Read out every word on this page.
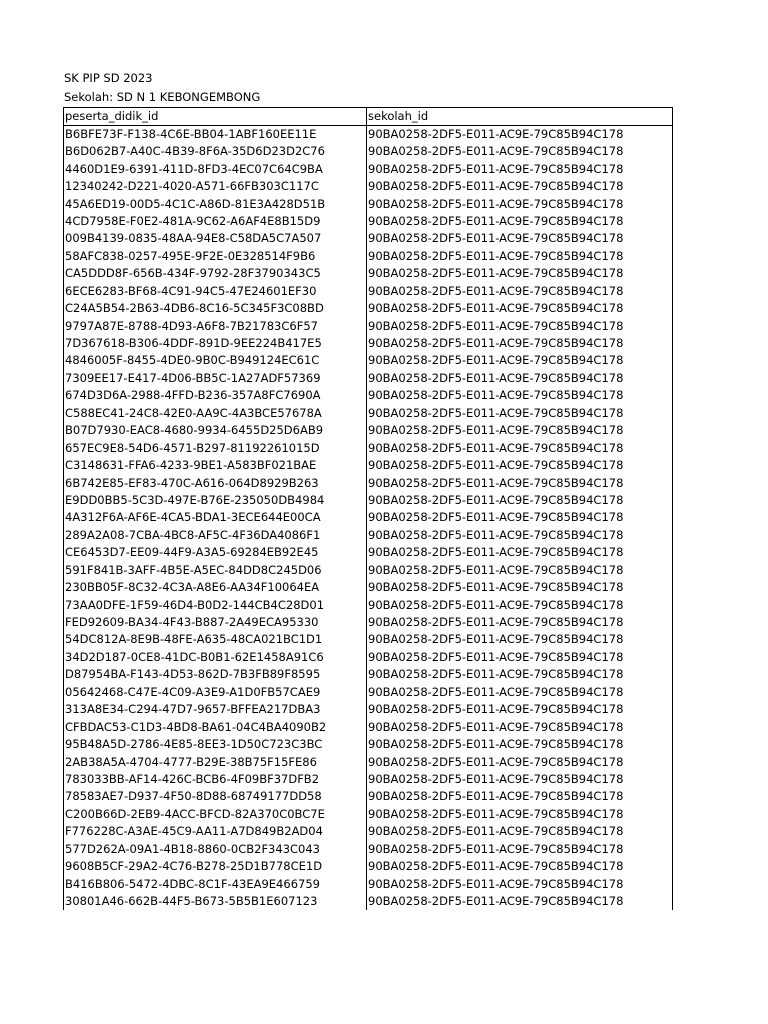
SK PIP SD 2023
Sekolah: SD N 1 KEBONGEMBONG
peserta_didik_id	sekolah_id
B6BFE73F-F138-4C6E-BB04-1ABF160EE11E	90BA0258-2DF5-E011-AC9E-79C85B94C178
B6D062B7-A40C-4B39-8F6A-35D6D23D2C76	90BA0258-2DF5-E011-AC9E-79C85B94C178
4460D1E9-6391-411D-8FD3-4EC07C64C9BA	90BA0258-2DF5-E011-AC9E-79C85B94C178
12340242-D221-4020-A571-66FB303C117C	90BA0258-2DF5-E011-AC9E-79C85B94C178
45A6ED19-00D5-4C1C-A86D-81E3A428D51B	90BA0258-2DF5-E011-AC9E-79C85B94C178
4CD7958E-F0E2-481A-9C62-A6AF4E8B15D9	90BA0258-2DF5-E011-AC9E-79C85B94C178
009B4139-0835-48AA-94E8-C58DA5C7A507	90BA0258-2DF5-E011-AC9E-79C85B94C178
58AFC838-0257-495E-9F2E-0E328514F9B6	90BA0258-2DF5-E011-AC9E-79C85B94C178
CA5DDD8F-656B-434F-9792-28F3790343C5	90BA0258-2DF5-E011-AC9E-79C85B94C178
6ECE6283-BF68-4C91-94C5-47E24601EF30	90BA0258-2DF5-E011-AC9E-79C85B94C178
C24A5B54-2B63-4DB6-8C16-5C345F3C08BD	90BA0258-2DF5-E011-AC9E-79C85B94C178
9797A87E-8788-4D93-A6F8-7B21783C6F57	90BA0258-2DF5-E011-AC9E-79C85B94C178
7D367618-B306-4DDF-891D-9EE224B417E5	90BA0258-2DF5-E011-AC9E-79C85B94C178
4846005F-8455-4DE0-9B0C-B949124EC61C	90BA0258-2DF5-E011-AC9E-79C85B94C178
7309EE17-E417-4D06-BB5C-1A27ADF57369	90BA0258-2DF5-E011-AC9E-79C85B94C178
674D3D6A-2988-4FFD-B236-357A8FC7690A	90BA0258-2DF5-E011-AC9E-79C85B94C178
C588EC41-24C8-42E0-AA9C-4A3BCE57678A	90BA0258-2DF5-E011-AC9E-79C85B94C178
B07D7930-EAC8-4680-9934-6455D25D6AB9	90BA0258-2DF5-E011-AC9E-79C85B94C178
657EC9E8-54D6-4571-B297-81192261015D	90BA0258-2DF5-E011-AC9E-79C85B94C178
C3148631-FFA6-4233-9BE1-A583BF021BAE	90BA0258-2DF5-E011-AC9E-79C85B94C178
6B742E85-EF83-470C-A616-064D8929B263	90BA0258-2DF5-E011-AC9E-79C85B94C178
E9DD0BB5-5C3D-497E-B76E-235050DB4984	90BA0258-2DF5-E011-AC9E-79C85B94C178
4A312F6A-AF6E-4CA5-BDA1-3ECE644E00CA	90BA0258-2DF5-E011-AC9E-79C85B94C178
289A2A08-7CBA-4BC8-AF5C-4F36DA4086F1	90BA0258-2DF5-E011-AC9E-79C85B94C178
CE6453D7-EE09-44F9-A3A5-69284EB92E45	90BA0258-2DF5-E011-AC9E-79C85B94C178
591F841B-3AFF-4B5E-A5EC-84DD8C245D06	90BA0258-2DF5-E011-AC9E-79C85B94C178
230BB05F-8C32-4C3A-A8E6-AA34F10064EA	90BA0258-2DF5-E011-AC9E-79C85B94C178
73AA0DFE-1F59-46D4-B0D2-144CB4C28D01	90BA0258-2DF5-E011-AC9E-79C85B94C178
FED92609-BA34-4F43-B887-2A49ECA95330	90BA0258-2DF5-E011-AC9E-79C85B94C178
54DC812A-8E9B-48FE-A635-48CA021BC1D1	90BA0258-2DF5-E011-AC9E-79C85B94C178
34D2D187-0CE8-41DC-B0B1-62E1458A91C6	90BA0258-2DF5-E011-AC9E-79C85B94C178
D87954BA-F143-4D53-862D-7B3FB89F8595	90BA0258-2DF5-E011-AC9E-79C85B94C178
05642468-C47E-4C09-A3E9-A1D0FB57CAE9	90BA0258-2DF5-E011-AC9E-79C85B94C178
313A8E34-C294-47D7-9657-BFFEA217DBA3	90BA0258-2DF5-E011-AC9E-79C85B94C178
CFBDAC53-C1D3-4BD8-BA61-04C4BA4090B2	90BA0258-2DF5-E011-AC9E-79C85B94C178
95B48A5D-2786-4E85-8EE3-1D50C723C3BC	90BA0258-2DF5-E011-AC9E-79C85B94C178
2AB38A5A-4704-4777-B29E-38B75F15FE86	90BA0258-2DF5-E011-AC9E-79C85B94C178
783033BB-AF14-426C-BCB6-4F09BF37DFB2	90BA0258-2DF5-E011-AC9E-79C85B94C178
78583AE7-D937-4F50-8D88-68749177DD58	90BA0258-2DF5-E011-AC9E-79C85B94C178
C200B66D-2EB9-4ACC-BFCD-82A370C0BC7E	90BA0258-2DF5-E011-AC9E-79C85B94C178
F776228C-A3AE-45C9-AA11-A7D849B2AD04	90BA0258-2DF5-E011-AC9E-79C85B94C178
577D262A-09A1-4B18-8860-0CB2F343C043	90BA0258-2DF5-E011-AC9E-79C85B94C178
9608B5CF-29A2-4C76-B278-25D1B778CE1D	90BA0258-2DF5-E011-AC9E-79C85B94C178
B416B806-5472-4DBC-8C1F-43EA9E466759	90BA0258-2DF5-E011-AC9E-79C85B94C178
30801A46-662B-44F5-B673-5B5B1E607123	90BA0258-2DF5-E011-AC9E-79C85B94C178
